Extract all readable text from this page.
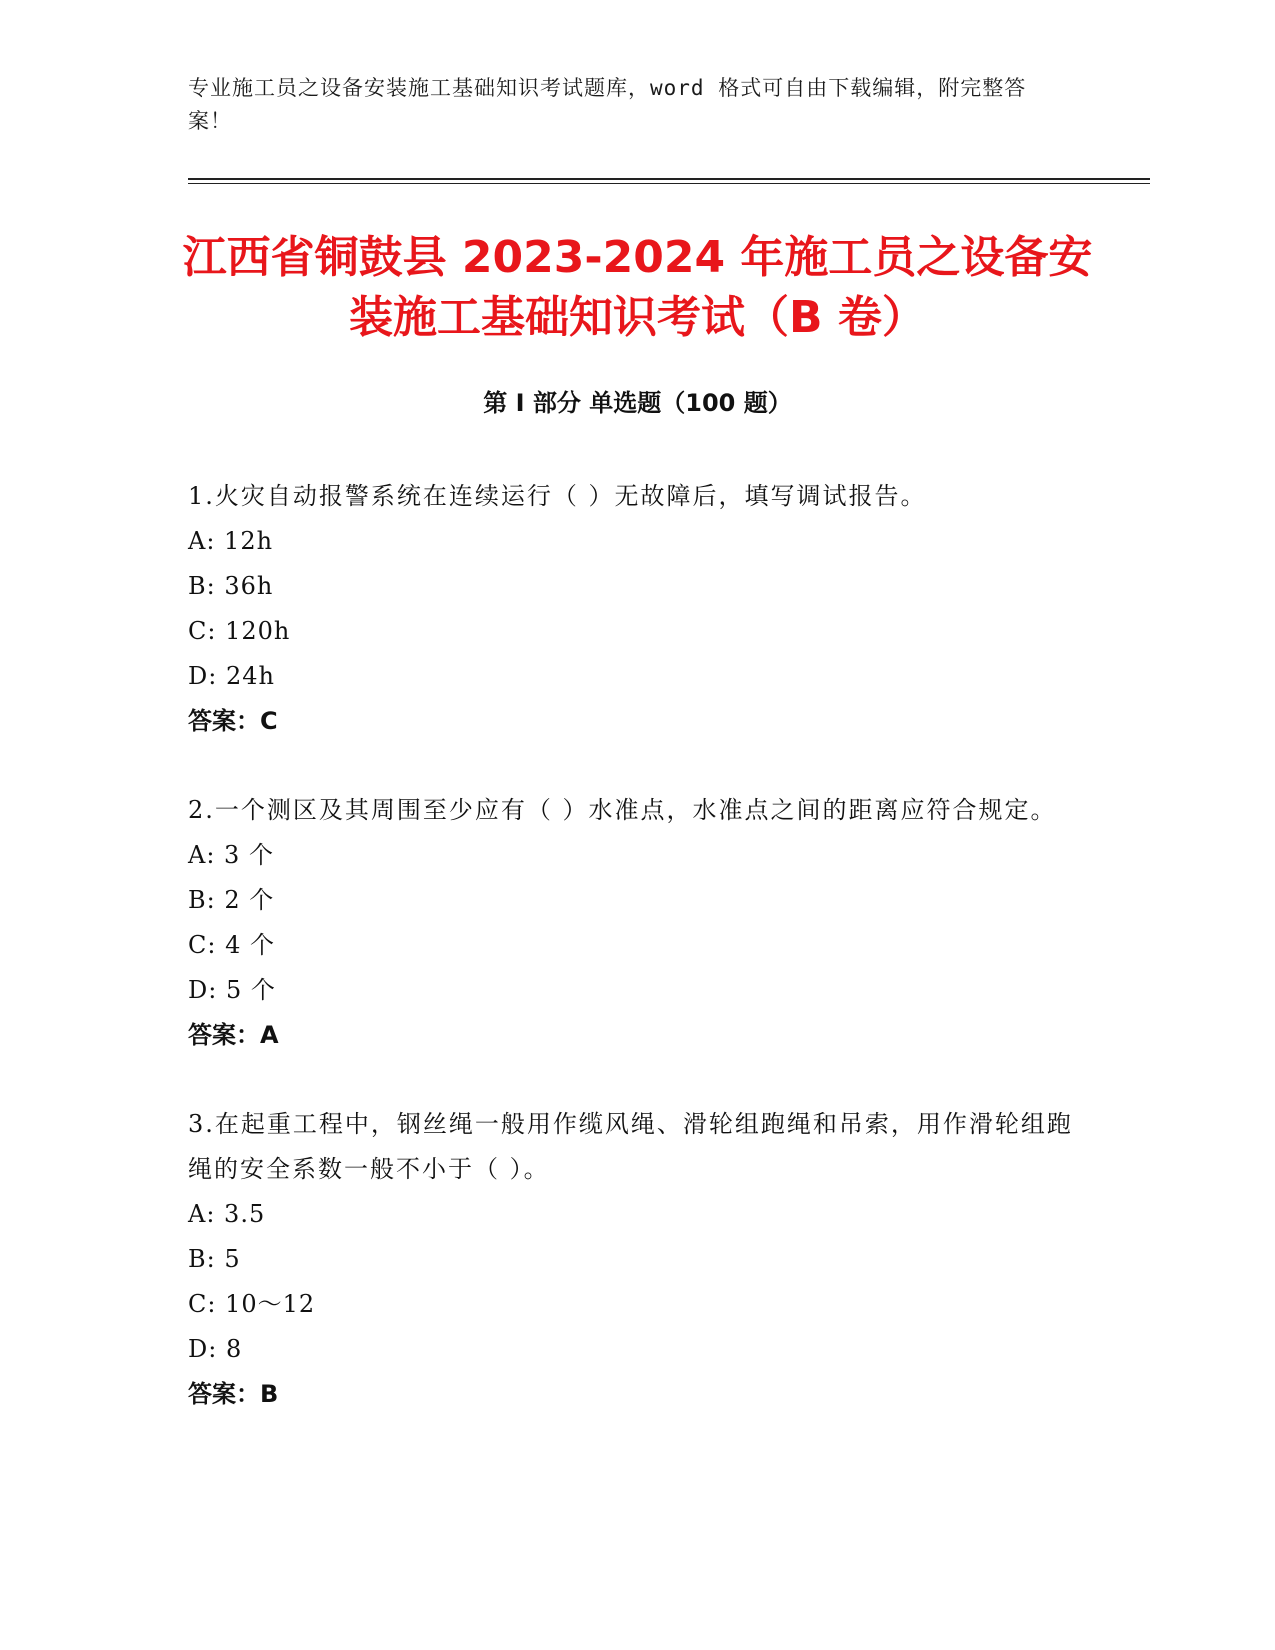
专业施工员之设备安装施工基础知识考试题库，word 格式可自由下载编辑，附完整答案！
江西省铜鼓县 2023-2024 年施工员之设备安
装施工基础知识考试（B 卷）
第 I 部分 单选题（100 题）
1.火灾自动报警系统在连续运行（ ）无故障后，填写调试报告。
A: 12h
B: 36h
C: 120h
D: 24h
答案：C
2.一个测区及其周围至少应有（ ）水准点，水准点之间的距离应符合规定。
A: 3 个
B: 2 个
C: 4 个
D: 5 个
答案：A
3.在起重工程中，钢丝绳一般用作缆风绳、滑轮组跑绳和吊索，用作滑轮组跑绳的安全系数一般不小于（ ）。
A: 3.5
B: 5
C: 10～12
D: 8
答案：B
